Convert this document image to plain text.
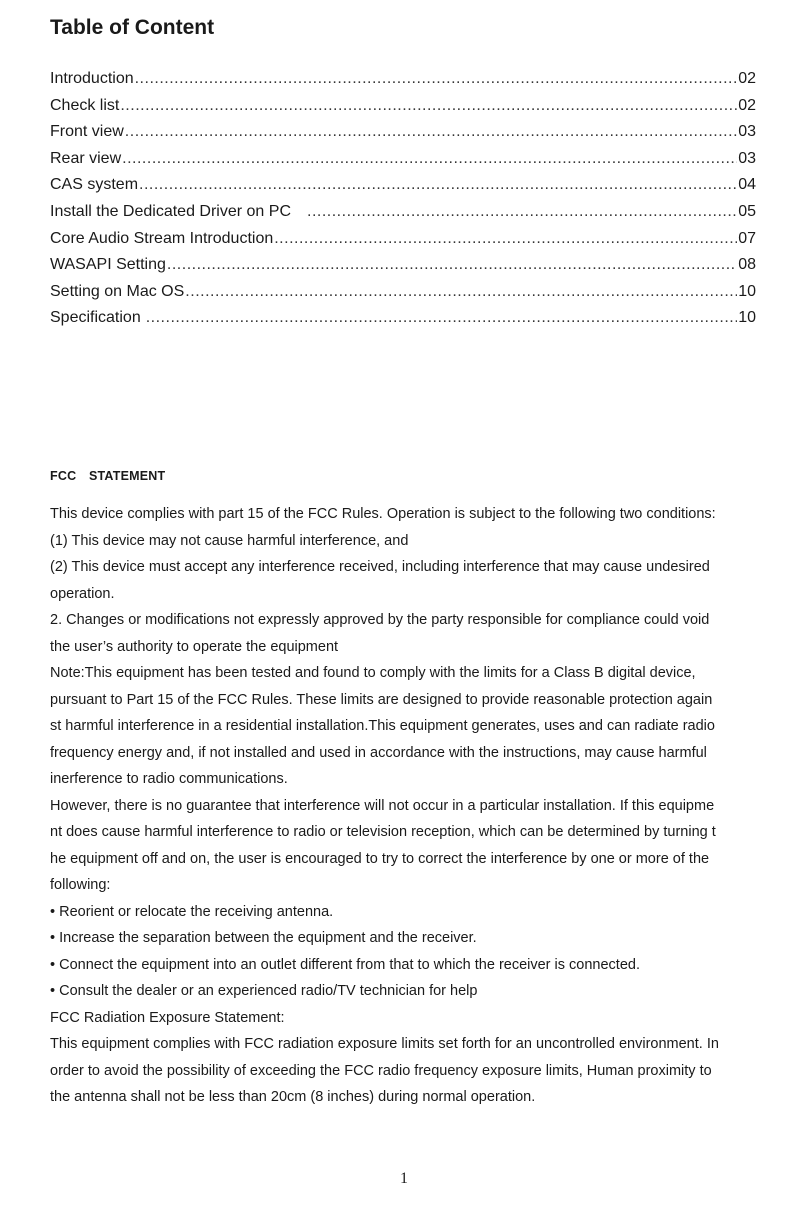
Table of Content
Introduction .....	02
Check list .....	02
Front view .....	03
Rear view .....	03
CAS system .....	04
Install the Dedicated Driver on PC .....	05
Core Audio Stream Introduction .....	07
WASAPI Setting .....	08
Setting on Mac OS .....	10
Specification .....	10
FCC　STATEMENT

This device complies with part 15 of the FCC Rules. Operation is subject to the following two conditions:

(1) This device may not cause harmful interference, and

(2) This device must accept any interference received, including interference that may cause undesired

operation.

2. Changes or modifications not expressly approved by the party responsible for compliance could void

the user’s authority to operate the equipment

Note:This equipment has been tested and found to comply with the limits for a Class B digital device,

pursuant to Part 15 of the FCC Rules. These limits are designed to provide reasonable protection again

st harmful interference in a residential installation.This equipment generates, uses and can radiate radio

frequency energy and, if not installed and used in accordance with the instructions, may cause harmful

inerference to radio communications.

However, there is no guarantee that interference will not occur in a particular installation. If this equipme

nt does cause harmful interference to radio or television reception, which can be determined by turning t

he equipment off and on, the user is encouraged to try to correct the interference by one or more of the

following:

• Reorient or relocate the receiving antenna.

• Increase the separation between the equipment and the receiver.

• Connect the equipment into an outlet different from that to which the receiver is connected.

• Consult the dealer or an experienced radio/TV technician for help

FCC Radiation Exposure Statement:

This equipment complies with FCC radiation exposure limits set forth for an uncontrolled environment. In

order to avoid the possibility of exceeding the FCC radio frequency exposure limits, Human proximity to

the antenna shall not be less than 20cm (8 inches) during normal operation.

1
